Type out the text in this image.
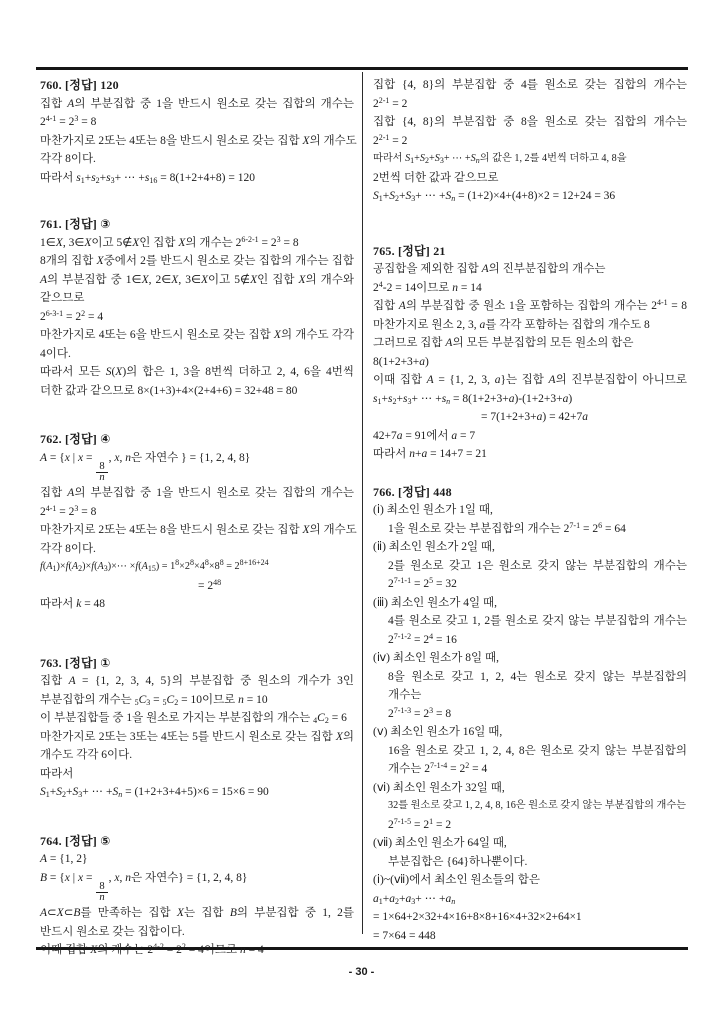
760. [정답] 120
집합 A의 부분집합 중 1을 반드시 원소로 갖는 집합의 개수는
$2^{4-1} = 2^3 = 8$
마찬가지로 2또는 4또는 8을 반드시 원소로 갖는 집합 X의 개수도
각각 8이다.
따라서 $s_1+s_2+s_3+$ ⋯ $+s_{16} = 8(1+2+4+8) = 120$
761. [정답] ③
1∈X, 3∈X이고 5∉X인 집합 X의 개수는 $2^{6-2-1} = 2^3 = 8$
8개의 집합 X중에서 2를 반드시 원소로 갖는 집합의 개수는 집합
A의 부분집합 중 1∈X, 2∈X, 3∈X이고 5∉X인 집합 X의 개수와
같으므로
$2^{6-3-1} = 2^2 = 4$
마찬가지로 4또는 6을 반드시 원소로 갖는 집합 X의 개수도 각각
4이다.
따라서 모든 S(X)의 합은 1, 3을 8번씩 더하고 2, 4, 6을 4번씩
더한 값과 같으므로 8×(1+3)+4×(2+4+6) = 32+48 = 80
762. [정답] ④
A = {x | x =
$\frac{8}{n}$
, x, n은 자연수 } = {1, 2, 4, 8}
집합 A의 부분집합 중 1을 반드시 원소로 갖는 집합의 개수는
$2^{4-1} = 2^3 = 8$
마찬가지로 2또는 4또는 8을 반드시 원소로 갖는 집합 X의 개수도
각각 8이다.
$f(A_1)\times f(A_2)\times f(A_3)\times\cdots \times f(A_{15}) = 1^8\times 2^8\times 4^8\times 8^8 = 2^{8+16+24}$
= $2^{48}$
따라서 k = 48
763. [정답] ①
집합 A = {1, 2, 3, 4, 5}의 부분집합 중 원소의 개수가 3인
부분집합의 개수는 $_5C_3 = _5C_2 = 10$이므로 n = 10
이 부분집합들 중 1을 원소로 가지는 부분집합의 개수는 $_4C_2 = 6$
마찬가지로 2또는 3또는 4또는 5를 반드시 원소로 갖는 집합 X의
개수도 각각 6이다.
따라서
$S_1+S_2+S_3+$ ⋯ $+S_n = (1+2+3+4+5)\times 6 = 15\times 6 = 90$
764. [정답] ⑤
A = {1, 2}
B = {x | x =
$\frac{8}{n}$
, x, n은 자연수} = {1, 2, 4, 8}
A⊂X⊂B를 만족하는 집합 X는 집합 B의 부분집합 중 1, 2를
반드시 원소로 갖는 집합이다.
이때 집합 X의 개수는 $2^{4-2} = 2^2 = 4$이므로 n = 4
집합 {4, 8}의 부분집합 중 4를 원소로 갖는 집합의 개수는
$2^{2-1} = 2$
집합 {4, 8}의 부분집합 중 8을 원소로 갖는 집합의 개수는
$2^{2-1} = 2$
따라서 $S_1+S_2+S_3+$ ⋯ $+S_n$의 값은 1, 2를 4번씩 더하고 4, 8을
2번씩 더한 값과 같으므로
$S_1+S_2+S_3+$ ⋯ $+S_n = (1+2)\times 4+(4+8)\times 2 = 12+24 = 36$
765. [정답] 21
공집합을 제외한 집합 A의 진부분집합의 개수는
$2^4-2 = 14$이므로 n = 14
집합 A의 부분집합 중 원소 1을 포함하는 집합의 개수는 $2^{4-1} = 8$
마찬가지로 원소 2, 3, a를 각각 포함하는 집합의 개수도 8
그러므로 집합 A의 모든 부분집합의 모든 원소의 합은
8(1+2+3+a)
이때 집합 A = {1, 2, 3, a}는 집합 A의 진부분집합이 아니므로
$s_1+s_2+s_3+$ ⋯ $+s_n = 8(1+2+3+a)-(1+2+3+a)$
= 7(1+2+3+a) = 42+7a
42+7a = 91에서 a = 7
따라서 n+a = 14+7 = 21
766. [정답] 448
(ⅰ) 최소인 원소가 1일 때,
1을 원소로 갖는 부분집합의 개수는 $2^{7-1} = 2^6 = 64$
(ⅱ) 최소인 원소가 2일 때,
2를 원소로 갖고 1은 원소로 갖지 않는 부분집합의 개수는
$2^{7-1-1} = 2^5 = 32$
(ⅲ) 최소인 원소가 4일 때,
4를 원소로 갖고 1, 2를 원소로 갖지 않는 부분집합의 개수는
$2^{7-1-2} = 2^4 = 16$
(ⅳ) 최소인 원소가 8일 때,
8을 원소로 갖고 1, 2, 4는 원소로 갖지 않는 부분집합의
개수는
$2^{7-1-3} = 2^3 = 8$
(ⅴ) 최소인 원소가 16일 때,
16을 원소로 갖고 1, 2, 4, 8은 원소로 갖지 않는 부분집합의
개수는 $2^{7-1-4} = 2^2 = 4$
(ⅵ) 최소인 원소가 32일 때,
32를 원소로 갖고 1, 2, 4, 8, 16은 원소로 갖지 않는 부분집합의 개수는
$2^{7-1-5} = 2^1 = 2$
(ⅶ) 최소인 원소가 64일 때,
부분집합은 {64}하나뿐이다.
(ⅰ)~(ⅶ)에서 최소인 원소들의 합은
$a_1+a_2+a_3+$ ⋯ $+a_n$
= 1×64+2×32+4×16+8×8+16×4+32×2+64×1
= 7×64 = 448
- 30 -
